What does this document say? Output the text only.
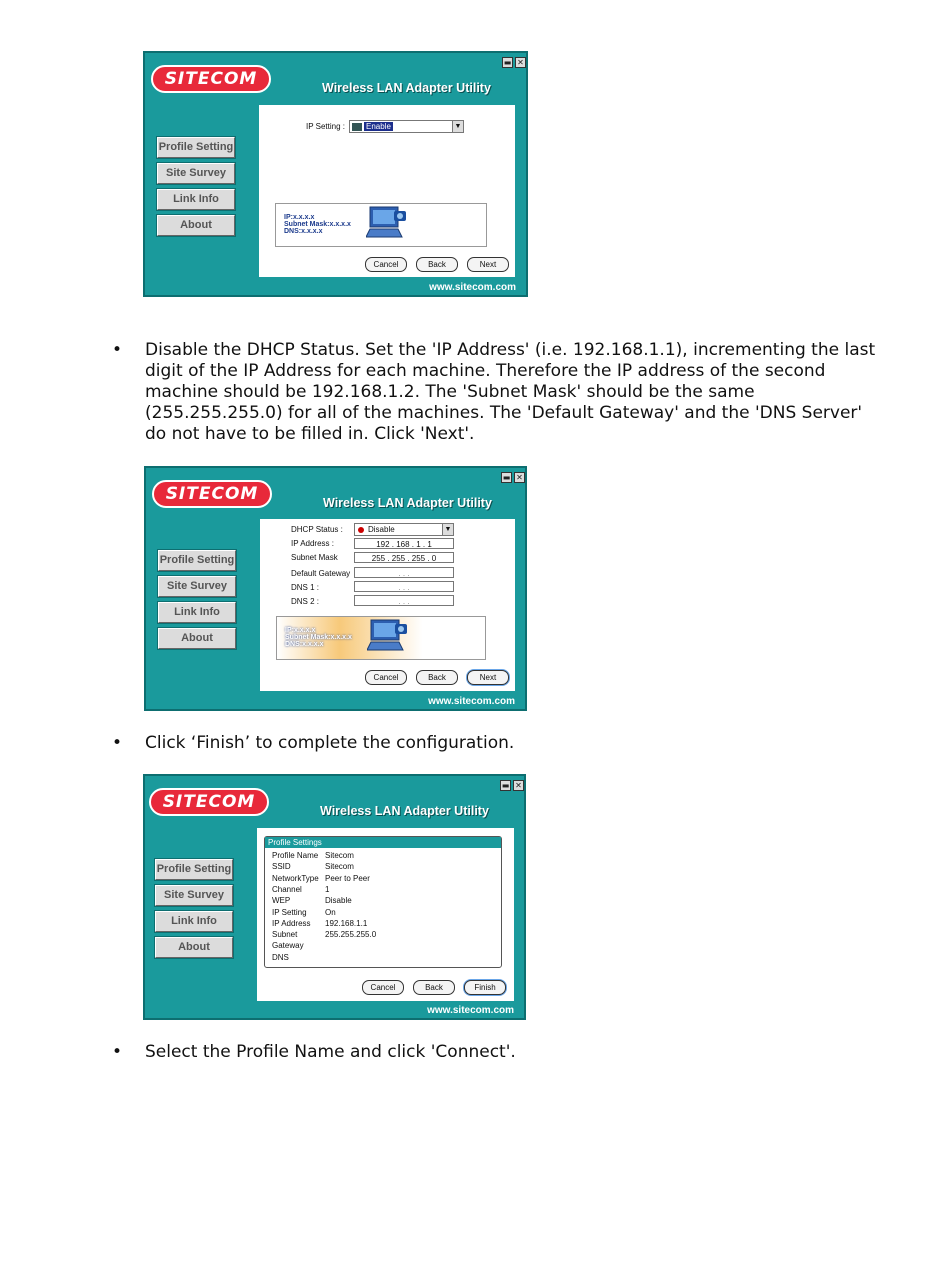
SITECOM	Wireless LAN Adapter Utility
▬ ✕
Profile Setting
Site Survey
Link Info
About
IP Setting :	Enable	▼
IP:x.x.x.x
Subnet Mask:x.x.x.x
DNS:x.x.x.x
Cancel	Back	Next
www.sitecom.com
• Disable the DHCP Status. Set the 'IP Address' (i.e. 192.168.1.1), incrementing the last digit of the IP Address for each machine. Therefore the IP address of the second machine should be 192.168.1.2. The 'Subnet Mask' should be the same (255.255.255.0) for all of the machines. The 'Default Gateway' and the 'DNS Server' do not have to be filled in. Click 'Next'.
SITECOM	Wireless LAN Adapter Utility
▬ ✕
Profile Setting
Site Survey
Link Info
About
DHCP Status :	Disable	▼
IP Address :	192 . 168 . 1 . 1
Subnet Mask	255 . 255 . 255 . 0
Default Gateway	. . .
DNS 1 :	. . .
DNS 2 :	. . .
IP:x.x.x.x
Subnet Mask:x.x.x.x
DNS:x.x.x.x
Cancel	Back	Next
www.sitecom.com
• Click ‘Finish’ to complete the configuration.
SITECOM	Wireless LAN Adapter Utility
▬ ✕
Profile Setting
Site Survey
Link Info
About
Profile Settings
Profile Name Sitecom
SSID	Sitecom
NetworkType Peer to Peer
Channel	1
WEP	Disable
IP Setting On
IP Address 192.168.1.1
Subnet	255.255.255.0
Gateway
DNS
Cancel	Back	Finish
www.sitecom.com
• Select the Profile Name and click 'Connect'.
